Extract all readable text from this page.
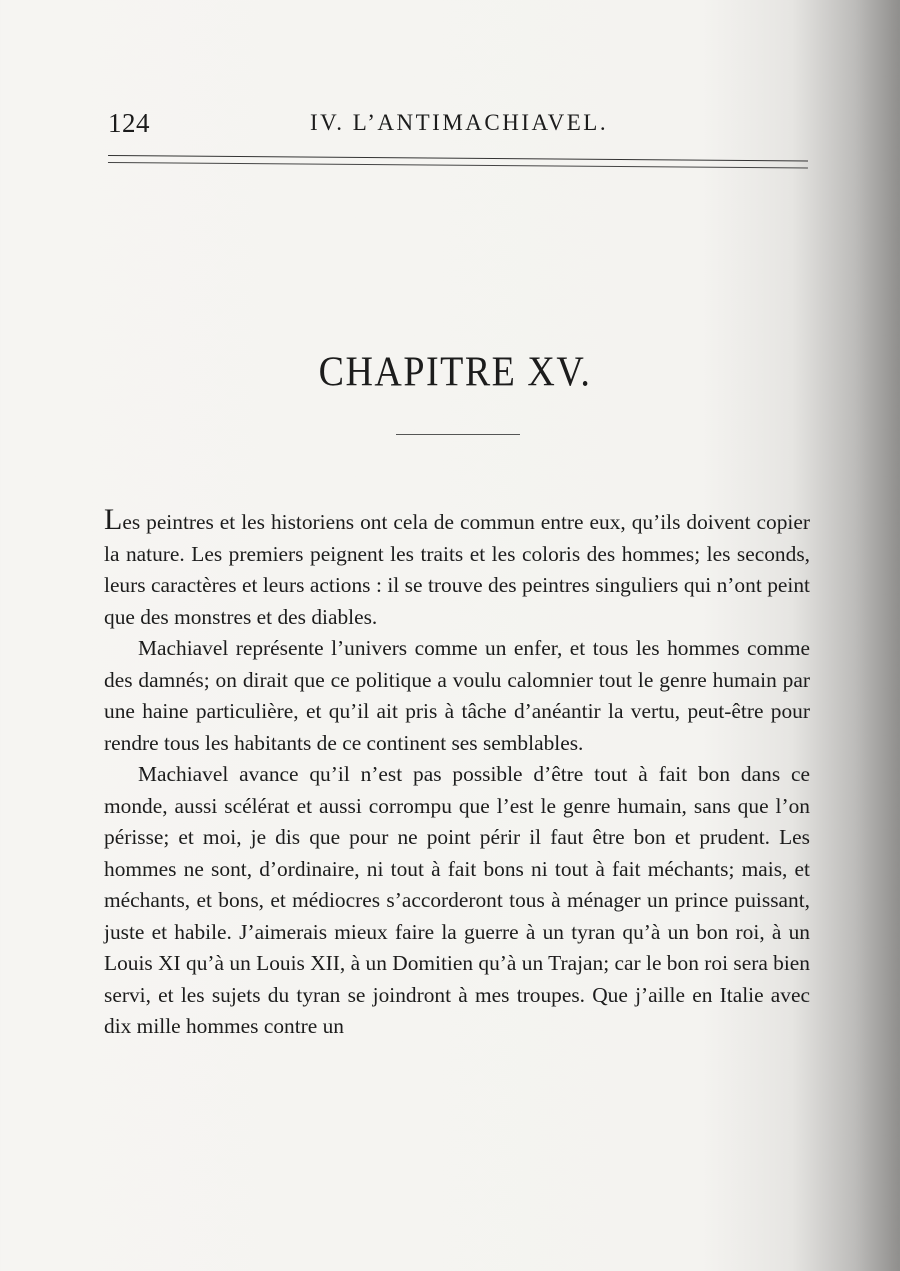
124	IV. L’ANTIMACHIAVEL.
CHAPITRE XV.

Les peintres et les historiens ont cela de commun entre eux, qu’ils doivent copier la nature. Les premiers peignent les traits et les coloris des hommes; les seconds, leurs caractères et leurs actions : il se trouve des peintres singuliers qui n’ont peint que des monstres et des diables.

Machiavel représente l’univers comme un enfer, et tous les hommes comme des damnés; on dirait que ce politique a voulu calomnier tout le genre humain par une haine particulière, et qu’il ait pris à tâche d’anéantir la vertu, peut-être pour rendre tous les habitants de ce continent ses semblables.

Machiavel avance qu’il n’est pas possible d’être tout à fait bon dans ce monde, aussi scélérat et aussi corrompu que l’est le genre humain, sans que l’on périsse; et moi, je dis que pour ne point périr il faut être bon et prudent. Les hommes ne sont, d’ordinaire, ni tout à fait bons ni tout à fait méchants; mais, et méchants, et bons, et médiocres s’accorderont tous à ménager un prince puissant, juste et habile. J’aimerais mieux faire la guerre à un tyran qu’à un bon roi, à un Louis XI qu’à un Louis XII, à un Domitien qu’à un Trajan; car le bon roi sera bien servi, et les sujets du tyran se joindront à mes troupes. Que j’aille en Italie avec dix mille hommes contre un
